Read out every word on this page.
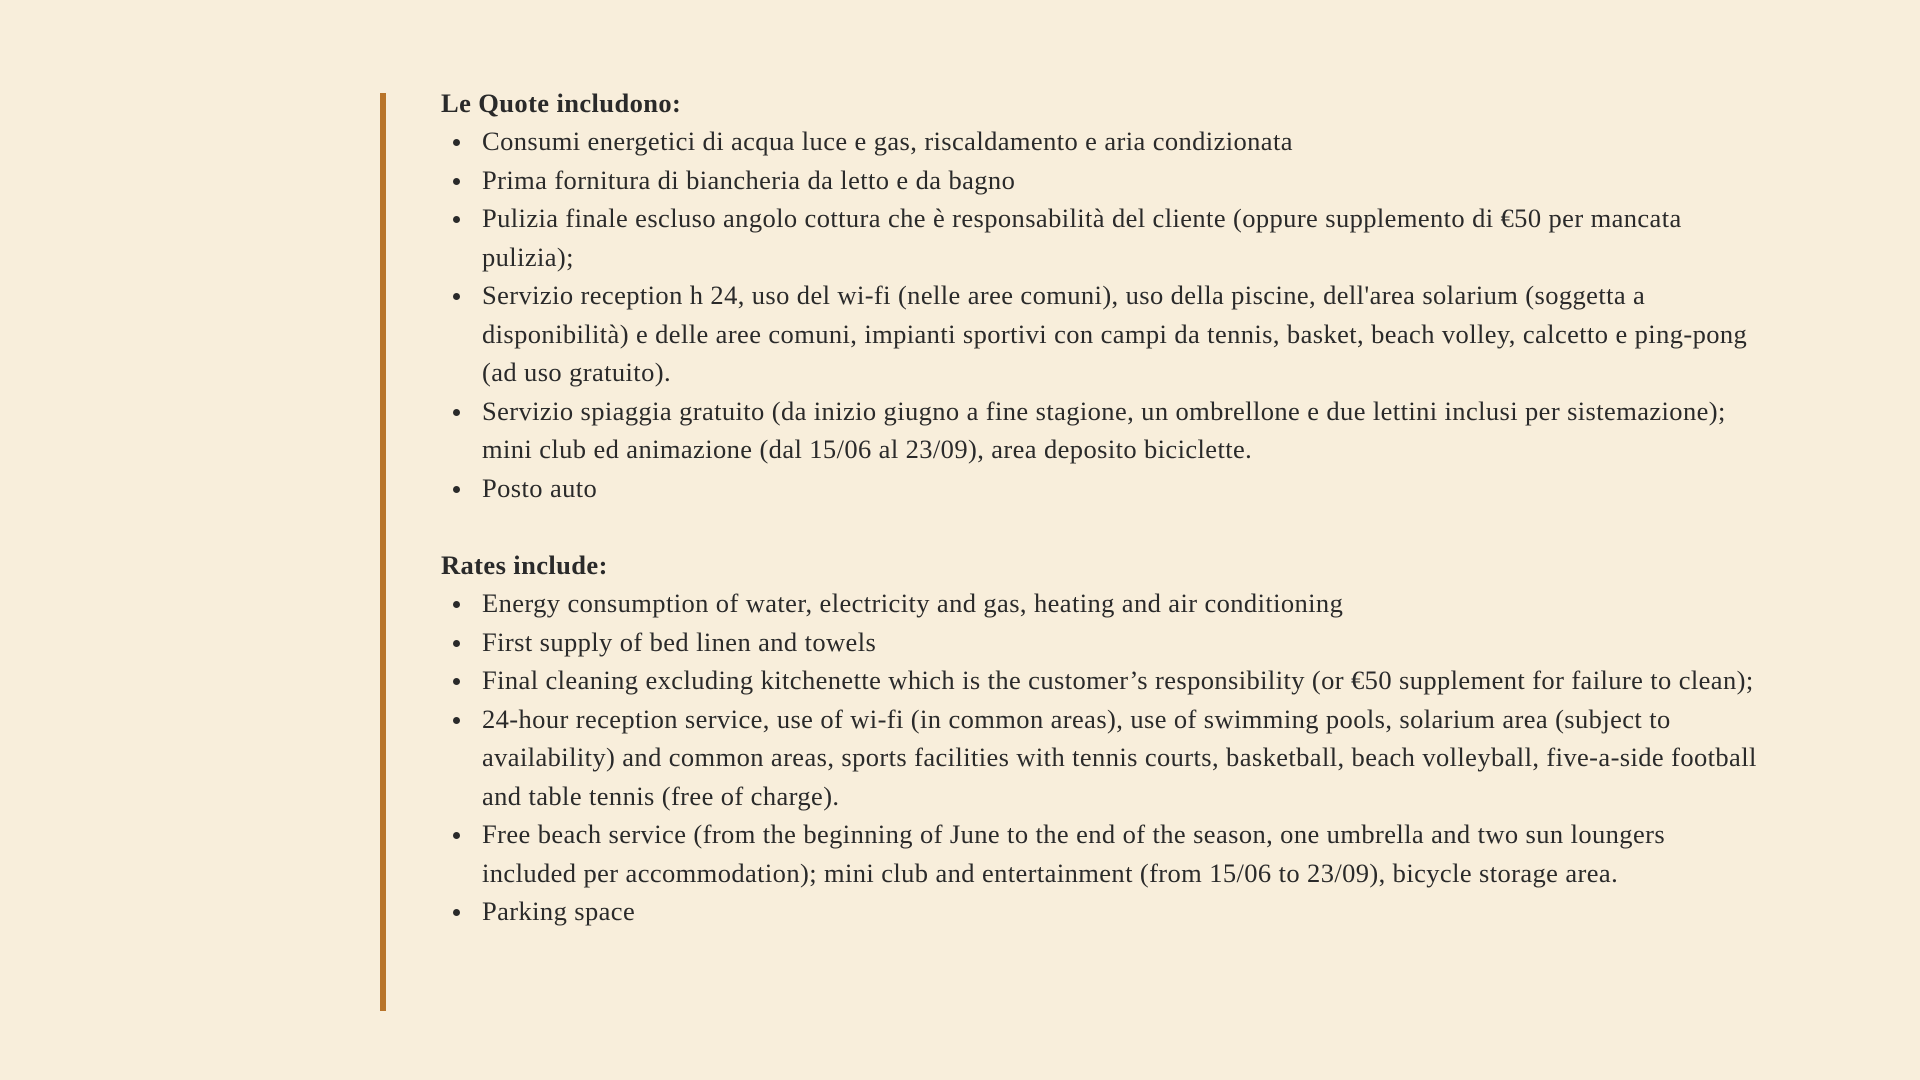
Le Quote includono:
Consumi energetici di acqua luce e gas, riscaldamento e aria condizionata
Prima fornitura di biancheria da letto e da bagno
Pulizia finale escluso angolo cottura che è responsabilità del cliente (oppure supplemento di €50 per mancata pulizia);
Servizio reception h 24, uso del wi-fi (nelle aree comuni), uso della piscine, dell'area solarium (soggetta a disponibilità) e delle aree comuni, impianti sportivi con campi da tennis, basket, beach volley, calcetto e ping-pong (ad uso gratuito).
Servizio spiaggia gratuito (da inizio giugno a fine stagione, un ombrellone e due lettini inclusi per sistemazione); mini club ed animazione (dal 15/06 al 23/09), area deposito biciclette.
Posto auto
Rates include:
Energy consumption of water, electricity and gas, heating and air conditioning
First supply of bed linen and towels
Final cleaning excluding kitchenette which is the customer’s responsibility (or €50 supplement for failure to clean);
24-hour reception service, use of wi-fi (in common areas), use of swimming pools, solarium area (subject to availability) and common areas, sports facilities with tennis courts, basketball, beach volleyball, five-a-side football and table tennis (free of charge).
Free beach service (from the beginning of June to the end of the season, one umbrella and two sun loungers included per accommodation); mini club and entertainment (from 15/06 to 23/09), bicycle storage area.
Parking space
